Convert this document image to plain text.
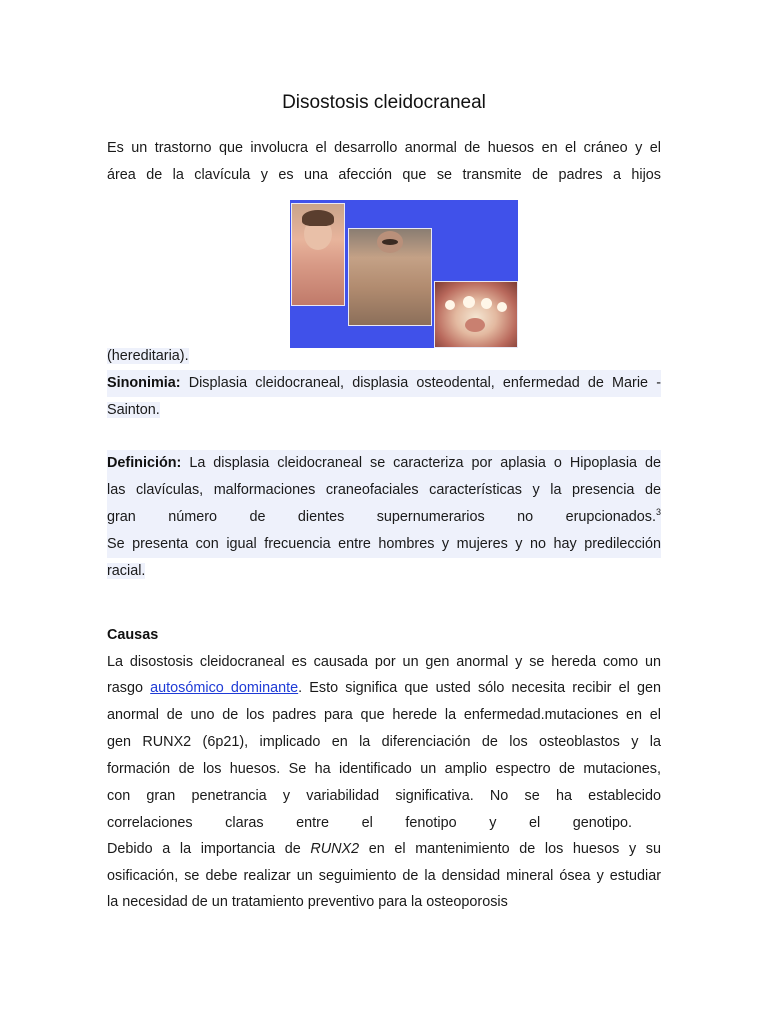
Disostosis cleidocraneal
Es un trastorno que involucra el desarrollo anormal de huesos en el cráneo y el
área de la clavícula y es una afección que se transmite de padres a hijos
(hereditaria).
Sinonimia: Displasia cleidocraneal, displasia osteodental, enfermedad de Marie -
Sainton.
Definición: La displasia cleidocraneal se caracteriza por aplasia o Hipoplasia de
las clavículas, malformaciones craneofaciales características y la presencia de
gran número de dientes supernumerarios no erupcionados.$^3$
Se presenta con igual frecuencia entre hombres y mujeres y no hay predilección
racial.
Causas
La disostosis cleidocraneal es causada por un gen anormal y se hereda como un
rasgo autosómico dominante. Esto significa que usted sólo necesita recibir el gen
anormal de uno de los padres para que herede la enfermedad.mutaciones en el
gen RUNX2 (6p21), implicado en la diferenciación de los osteoblastos y la
formación de los huesos. Se ha identificado un amplio espectro de mutaciones,
con gran penetrancia y variabilidad significativa. No se ha establecido
correlaciones claras entre el fenotipo y el genotipo.
Debido a la importancia de RUNX2 en el mantenimiento de los huesos y su
osificación, se debe realizar un seguimiento de la densidad mineral ósea y estudiar
la necesidad de un tratamiento preventivo para la osteoporosis
